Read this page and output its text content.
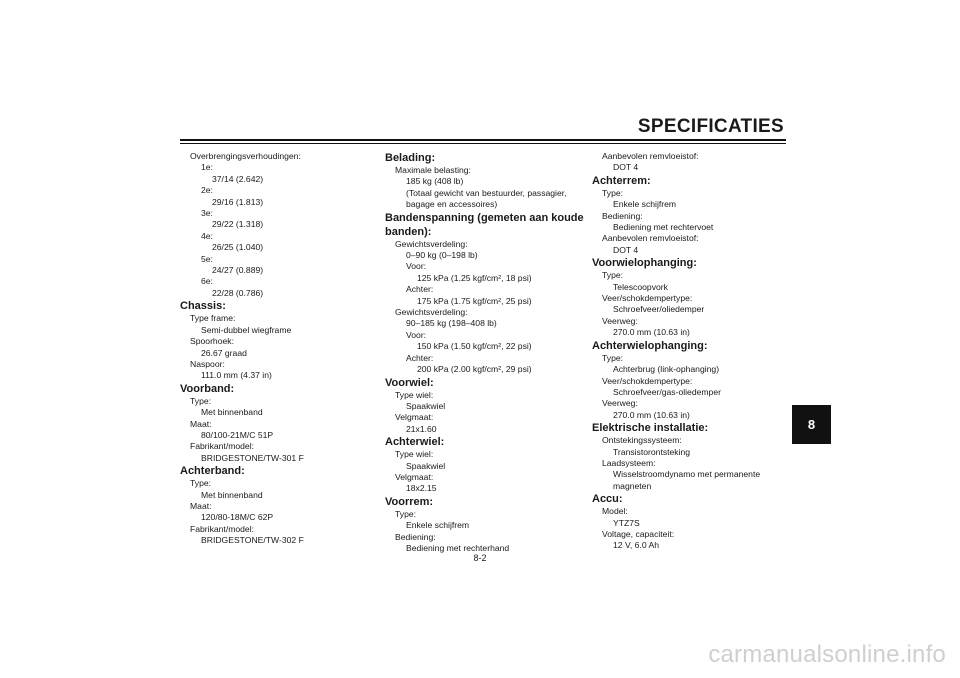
SPECIFICATIES
8
Overbrengingsverhoudingen:
1e:
37/14 (2.642)
2e:
29/16 (1.813)
3e:
29/22 (1.318)
4e:
26/25 (1.040)
5e:
24/27 (0.889)
6e:
22/28 (0.786)
Chassis:
Type frame:
Semi-dubbel wiegframe
Spoorhoek:
26.67 graad
Naspoor:
111.0 mm (4.37 in)
Voorband:
Type:
Met binnenband
Maat:
80/100-21M/C 51P
Fabrikant/model:
BRIDGESTONE/TW-301 F
Achterband:
Type:
Met binnenband
Maat:
120/80-18M/C 62P
Fabrikant/model:
BRIDGESTONE/TW-302 F
Belading:
Maximale belasting:
185 kg (408 lb)
(Totaal gewicht van bestuurder, passagier,
bagage en accessoires)
Bandenspanning (gemeten aan koude
banden):
Gewichtsverdeling:
0–90 kg (0–198 lb)
Voor:
125 kPa (1.25 kgf/cm², 18 psi)
Achter:
175 kPa (1.75 kgf/cm², 25 psi)
Gewichtsverdeling:
90–185 kg (198–408 lb)
Voor:
150 kPa (1.50 kgf/cm², 22 psi)
Achter:
200 kPa (2.00 kgf/cm², 29 psi)
Voorwiel:
Type wiel:
Spaakwiel
Velgmaat:
21x1.60
Achterwiel:
Type wiel:
Spaakwiel
Velgmaat:
18x2.15
Voorrem:
Type:
Enkele schijfrem
Bediening:
Bediening met rechterhand
Aanbevolen remvloeistof:
DOT 4
Achterrem:
Type:
Enkele schijfrem
Bediening:
Bediening met rechtervoet
Aanbevolen remvloeistof:
DOT 4
Voorwielophanging:
Type:
Telescoopvork
Veer/schokdempertype:
Schroefveer/oliedemper
Veerweg:
270.0 mm (10.63 in)
Achterwielophanging:
Type:
Achterbrug (link-ophanging)
Veer/schokdempertype:
Schroefveer/gas-oliedemper
Veerweg:
270.0 mm (10.63 in)
Elektrische installatie:
Ontstekingssysteem:
Transistorontsteking
Laadsysteem:
Wisselstroomdynamo met permanente
magneten
Accu:
Model:
YTZ7S
Voltage, capaciteit:
12 V, 6.0 Ah
8-2
carmanualsonline.info
